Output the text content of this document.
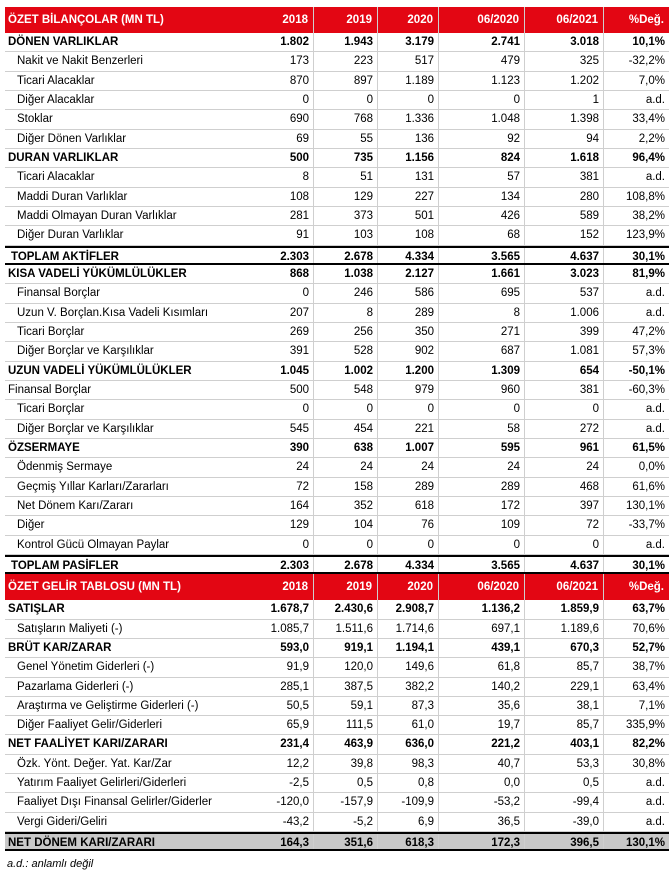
ÖZET BİLANÇOLAR (MN TL)	2018	2019	2020	06/2020	06/2021	%Değ.
DÖNEN VARLIKLAR	1.802	1.943	3.179	2.741	3.018	10,1%
Nakit ve Nakit Benzerleri	173	223	517	479	325	-32,2%
Ticari Alacaklar	870	897	1.189	1.123	1.202	7,0%
Diğer Alacaklar	0	0	0	0	1	a.d.
Stoklar	690	768	1.336	1.048	1.398	33,4%
Diğer Dönen Varlıklar	69	55	136	92	94	2,2%
DURAN VARLIKLAR	500	735	1.156	824	1.618	96,4%
Ticari Alacaklar	8	51	131	57	381	a.d.
Maddi Duran Varlıklar	108	129	227	134	280	108,8%
Maddi Olmayan Duran Varlıklar	281	373	501	426	589	38,2%
Diğer Duran Varlıklar	91	103	108	68	152	123,9%
TOPLAM AKTİFLER	2.303	2.678	4.334	3.565	4.637	30,1%
KISA VADELİ YÜKÜMLÜLÜKLER	868	1.038	2.127	1.661	3.023	81,9%
Finansal Borçlar	0	246	586	695	537	a.d.
Uzun V. Borçlan.Kısa Vadeli Kısımları	207	8	289	8	1.006	a.d.
Ticari Borçlar	269	256	350	271	399	47,2%
Diğer Borçlar ve Karşılıklar	391	528	902	687	1.081	57,3%
UZUN VADELİ YÜKÜMLÜLÜKLER	1.045	1.002	1.200	1.309	654	-50,1%
Finansal Borçlar	500	548	979	960	381	-60,3%
Ticari Borçlar	0	0	0	0	0	a.d.
Diğer Borçlar ve Karşılıklar	545	454	221	58	272	a.d.
ÖZSERMAYE	390	638	1.007	595	961	61,5%
Ödenmiş Sermaye	24	24	24	24	24	0,0%
Geçmiş Yıllar Karları/Zararları	72	158	289	289	468	61,6%
Net Dönem Karı/Zararı	164	352	618	172	397	130,1%
Diğer	129	104	76	109	72	-33,7%
Kontrol Gücü Olmayan Paylar	0	0	0	0	0	a.d.
TOPLAM PASİFLER	2.303	2.678	4.334	3.565	4.637	30,1%
ÖZET GELİR TABLOSU (MN TL)	2018	2019	2020	06/2020	06/2021	%Değ.
SATIŞLAR	1.678,7	2.430,6	2.908,7	1.136,2	1.859,9	63,7%
Satışların Maliyeti (-)	1.085,7	1.511,6	1.714,6	697,1	1.189,6	70,6%
BRÜT KAR/ZARAR	593,0	919,1	1.194,1	439,1	670,3	52,7%
Genel Yönetim Giderleri (-)	91,9	120,0	149,6	61,8	85,7	38,7%
Pazarlama Giderleri (-)	285,1	387,5	382,2	140,2	229,1	63,4%
Araştırma ve Geliştirme Giderleri (-)	50,5	59,1	87,3	35,6	38,1	7,1%
Diğer Faaliyet Gelir/Giderleri	65,9	111,5	61,0	19,7	85,7	335,9%
NET FAALİYET KARI/ZARARI	231,4	463,9	636,0	221,2	403,1	82,2%
Özk. Yönt. Değer. Yat. Kar/Zar	12,2	39,8	98,3	40,7	53,3	30,8%
Yatırım Faaliyet Gelirleri/Giderleri	-2,5	0,5	0,8	0,0	0,5	a.d.
Faaliyet Dışı Finansal Gelirler/Giderler	-120,0	-157,9	-109,9	-53,2	-99,4	a.d.
Vergi Gideri/Geliri	-43,2	-5,2	6,9	36,5	-39,0	a.d.
NET DÖNEM KARI/ZARARI	164,3	351,6	618,3	172,3	396,5	130,1%
a.d.: anlamlı değil
